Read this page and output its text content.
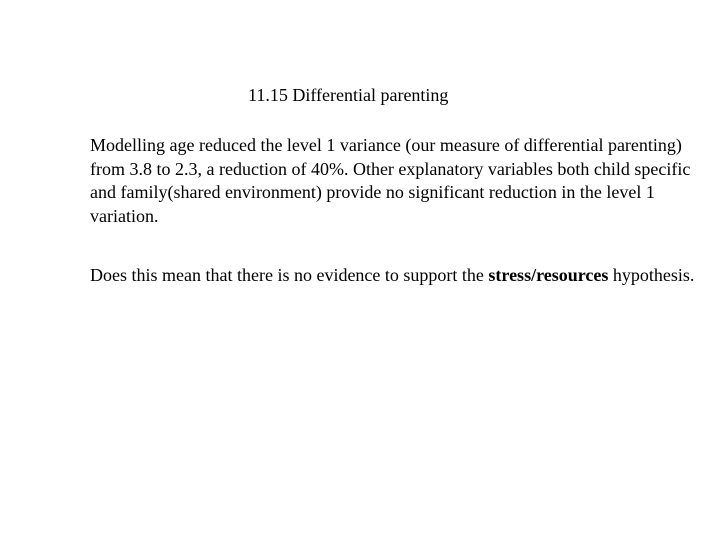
11.15 Differential parenting

Modelling age reduced the level 1 variance (our measure of differential parenting) from 3.8 to 2.3, a reduction of 40%. Other explanatory variables both child specific and family(shared environment) provide no significant reduction in the level 1 variation.

Does this mean that there is no evidence to support the stress/resources hypothesis.
